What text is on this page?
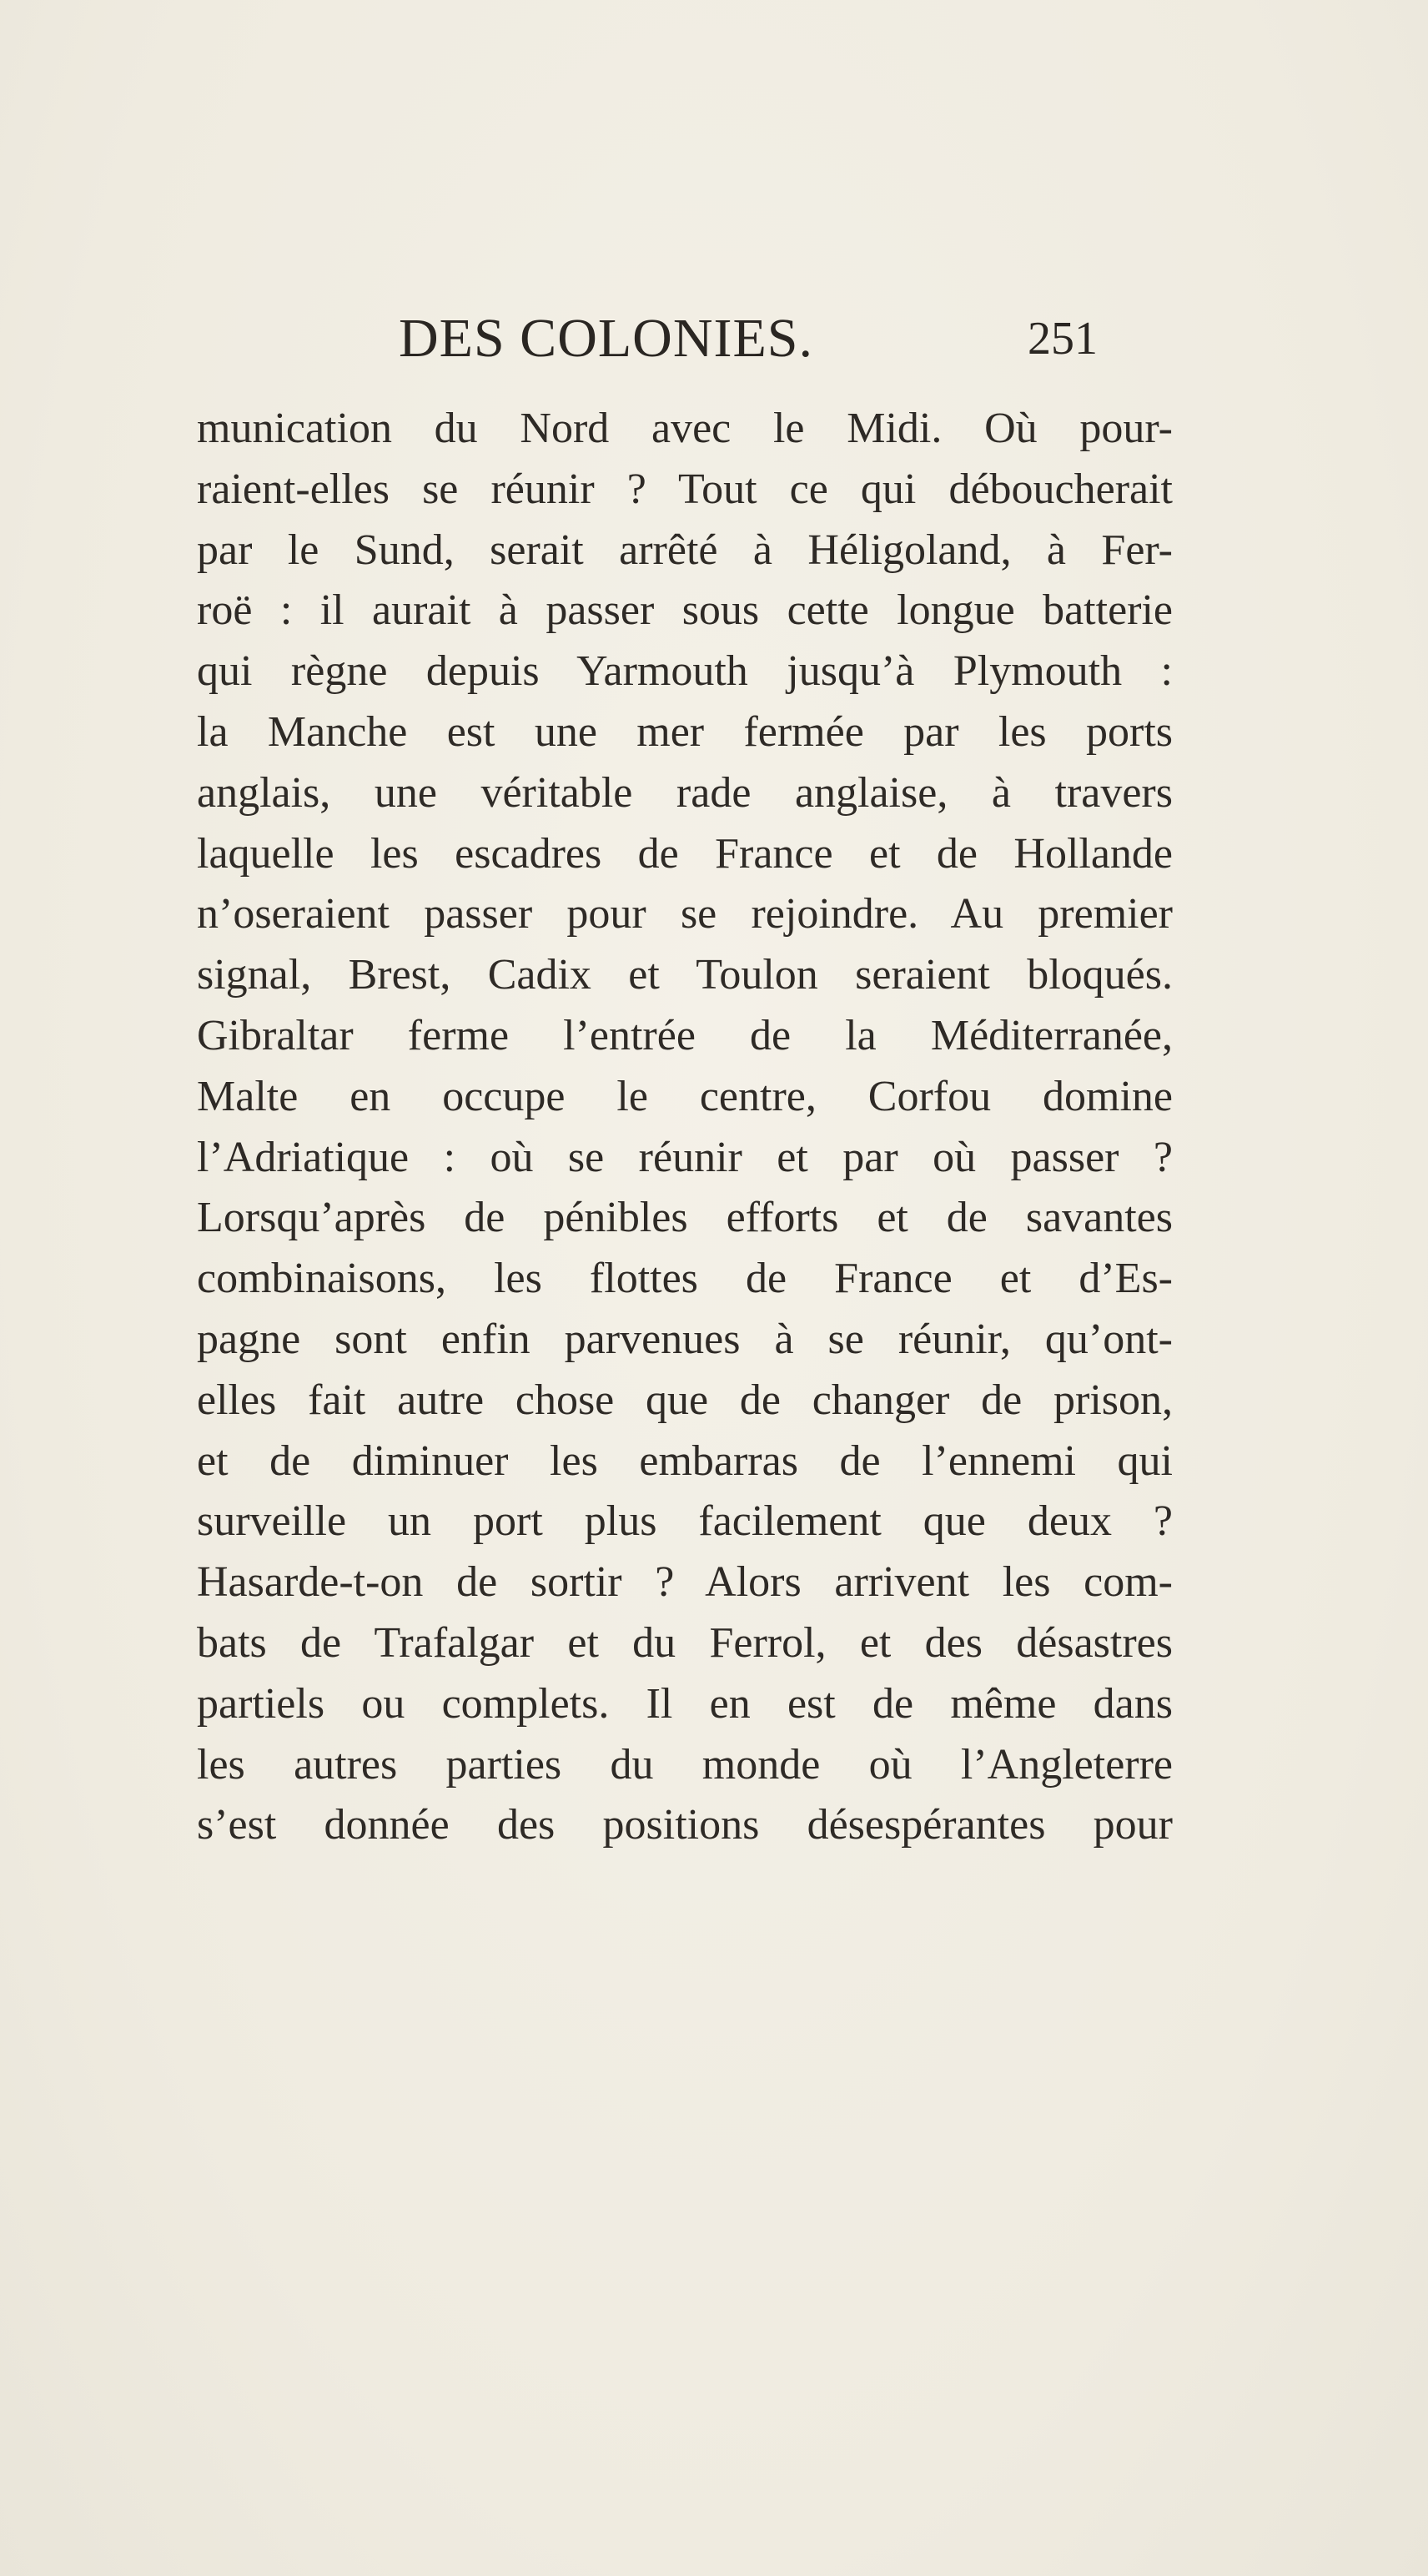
DES COLONIES.	251
munication du Nord avec le Midi. Où pour-
raient-elles se réunir ? Tout ce qui déboucherait
par le Sund, serait arrêté à Héligoland, à Fer-
roë : il aurait à passer sous cette longue batterie
qui règne depuis Yarmouth jusqu’à Plymouth :
la Manche est une mer fermée par les ports
anglais, une véritable rade anglaise, à travers
laquelle les escadres de France et de Hollande
n’oseraient passer pour se rejoindre. Au premier
signal, Brest, Cadix et Toulon seraient bloqués.
Gibraltar ferme l’entrée de la Méditerranée,
Malte en occupe le centre, Corfou domine
l’Adriatique : où se réunir et par où passer ?
Lorsqu’après de pénibles efforts et de savantes
combinaisons, les flottes de France et d’Es-
pagne sont enfin parvenues à se réunir, qu’ont-
elles fait autre chose que de changer de prison,
et de diminuer les embarras de l’ennemi qui
surveille un port plus facilement que deux ?
Hasarde-t-on de sortir ? Alors arrivent les com-
bats de Trafalgar et du Ferrol, et des désastres
partiels ou complets. Il en est de même dans
les autres parties du monde où l’Angleterre
s’est donnée des positions désespérantes pour
